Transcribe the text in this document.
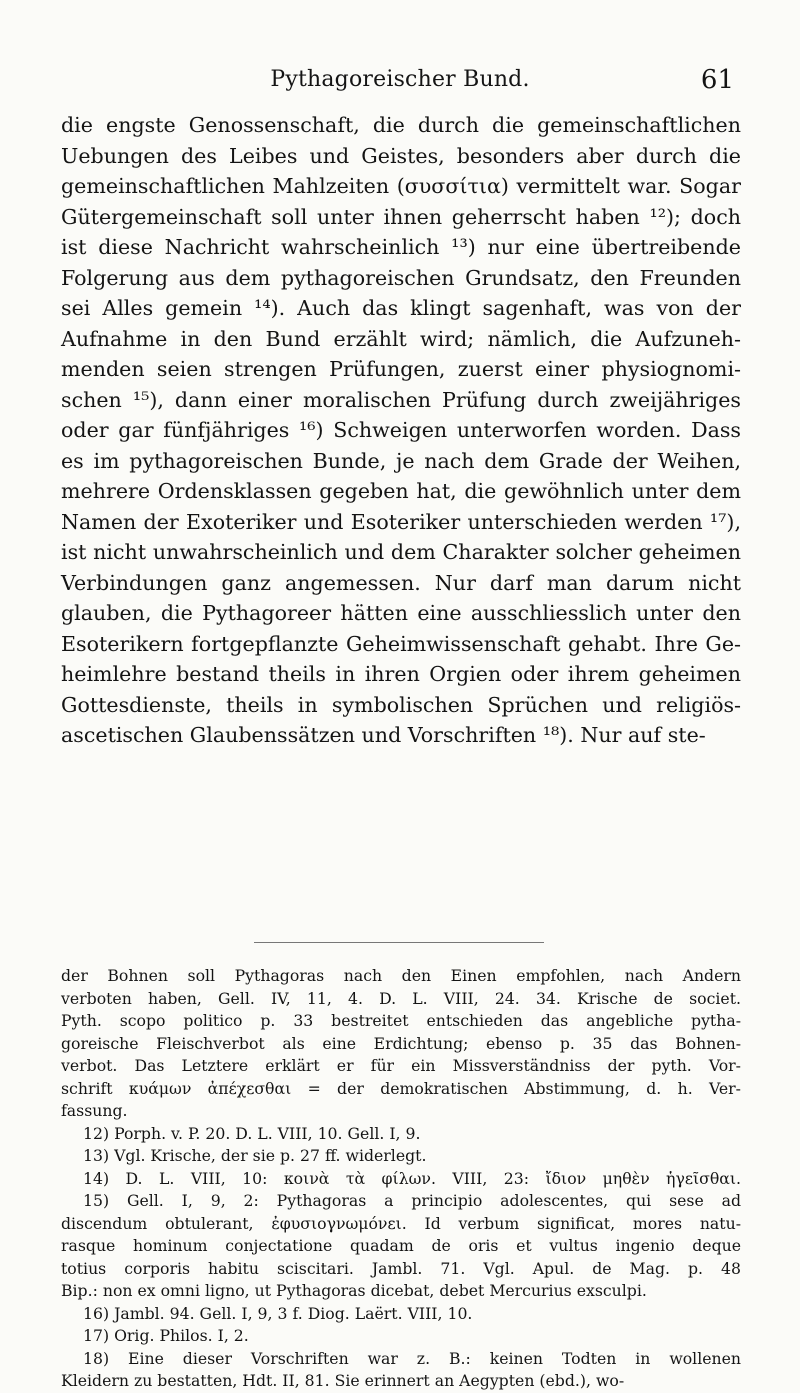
Pythagoreischer Bund.	61
die engste Genossenschaft, die durch die gemeinschaftlichen
Uebungen des Leibes und Geistes, besonders aber durch die
gemeinschaftlichen Mahlzeiten (συσσίτια) vermittelt war. Sogar
Gütergemeinschaft soll unter ihnen geherrscht haben ¹²); doch
ist diese Nachricht wahrscheinlich ¹³) nur eine übertreibende
Folgerung aus dem pythagoreischen Grundsatz, den Freunden
sei Alles gemein ¹⁴). Auch das klingt sagenhaft, was von der
Aufnahme in den Bund erzählt wird; nämlich, die Aufzuneh-
menden seien strengen Prüfungen, zuerst einer physiognomi-
schen ¹⁵), dann einer moralischen Prüfung durch zweijähriges
oder gar fünfjähriges ¹⁶) Schweigen unterworfen worden. Dass
es im pythagoreischen Bunde, je nach dem Grade der Weihen,
mehrere Ordensklassen gegeben hat, die gewöhnlich unter dem
Namen der Exoteriker und Esoteriker unterschieden werden ¹⁷),
ist nicht unwahrscheinlich und dem Charakter solcher geheimen
Verbindungen ganz angemessen. Nur darf man darum nicht
glauben, die Pythagoreer hätten eine ausschliesslich unter den
Esoterikern fortgepflanzte Geheimwissenschaft gehabt. Ihre Ge-
heimlehre bestand theils in ihren Orgien oder ihrem geheimen
Gottesdienste, theils in symbolischen Sprüchen und religiös-
ascetischen Glaubenssätzen und Vorschriften ¹⁸). Nur auf ste-
der Bohnen soll Pythagoras nach den Einen empfohlen, nach Andern
verboten haben, Gell. IV, 11, 4. D. L. VIII, 24. 34. Krische de societ.
Pyth. scopo politico p. 33 bestreitet entschieden das angebliche pytha-
goreische Fleischverbot als eine Erdichtung; ebenso p. 35 das Bohnen-
verbot. Das Letztere erklärt er für ein Missverständniss der pyth. Vor-
schrift κυάμων ἀπέχεσθαι = der demokratischen Abstimmung, d. h. Ver-
fassung.
12) Porph. v. P. 20. D. L. VIII, 10. Gell. I, 9.
13) Vgl. Krische, der sie p. 27 ff. widerlegt.
14) D. L. VIII, 10: κοινὰ τὰ φίλων. VIII, 23: ἴδιον μηθὲν ἡγεῖσθαι.
15) Gell. I, 9, 2: Pythagoras a principio adolescentes, qui sese ad
discendum obtulerant, ἐφυσιογνωμόνει. Id verbum significat, mores natu-
rasque hominum conjectatione quadam de oris et vultus ingenio deque
totius corporis habitu sciscitari. Jambl. 71. Vgl. Apul. de Mag. p. 48
Bip.: non ex omni ligno, ut Pythagoras dicebat, debet Mercurius exsculpi.
16) Jambl. 94. Gell. I, 9, 3 f. Diog. Laërt. VIII, 10.
17) Orig. Philos. I, 2.
18) Eine dieser Vorschriften war z. B.: keinen Todten in wollenen
Kleidern zu bestatten, Hdt. II, 81. Sie erinnert an Aegypten (ebd.), wo-
